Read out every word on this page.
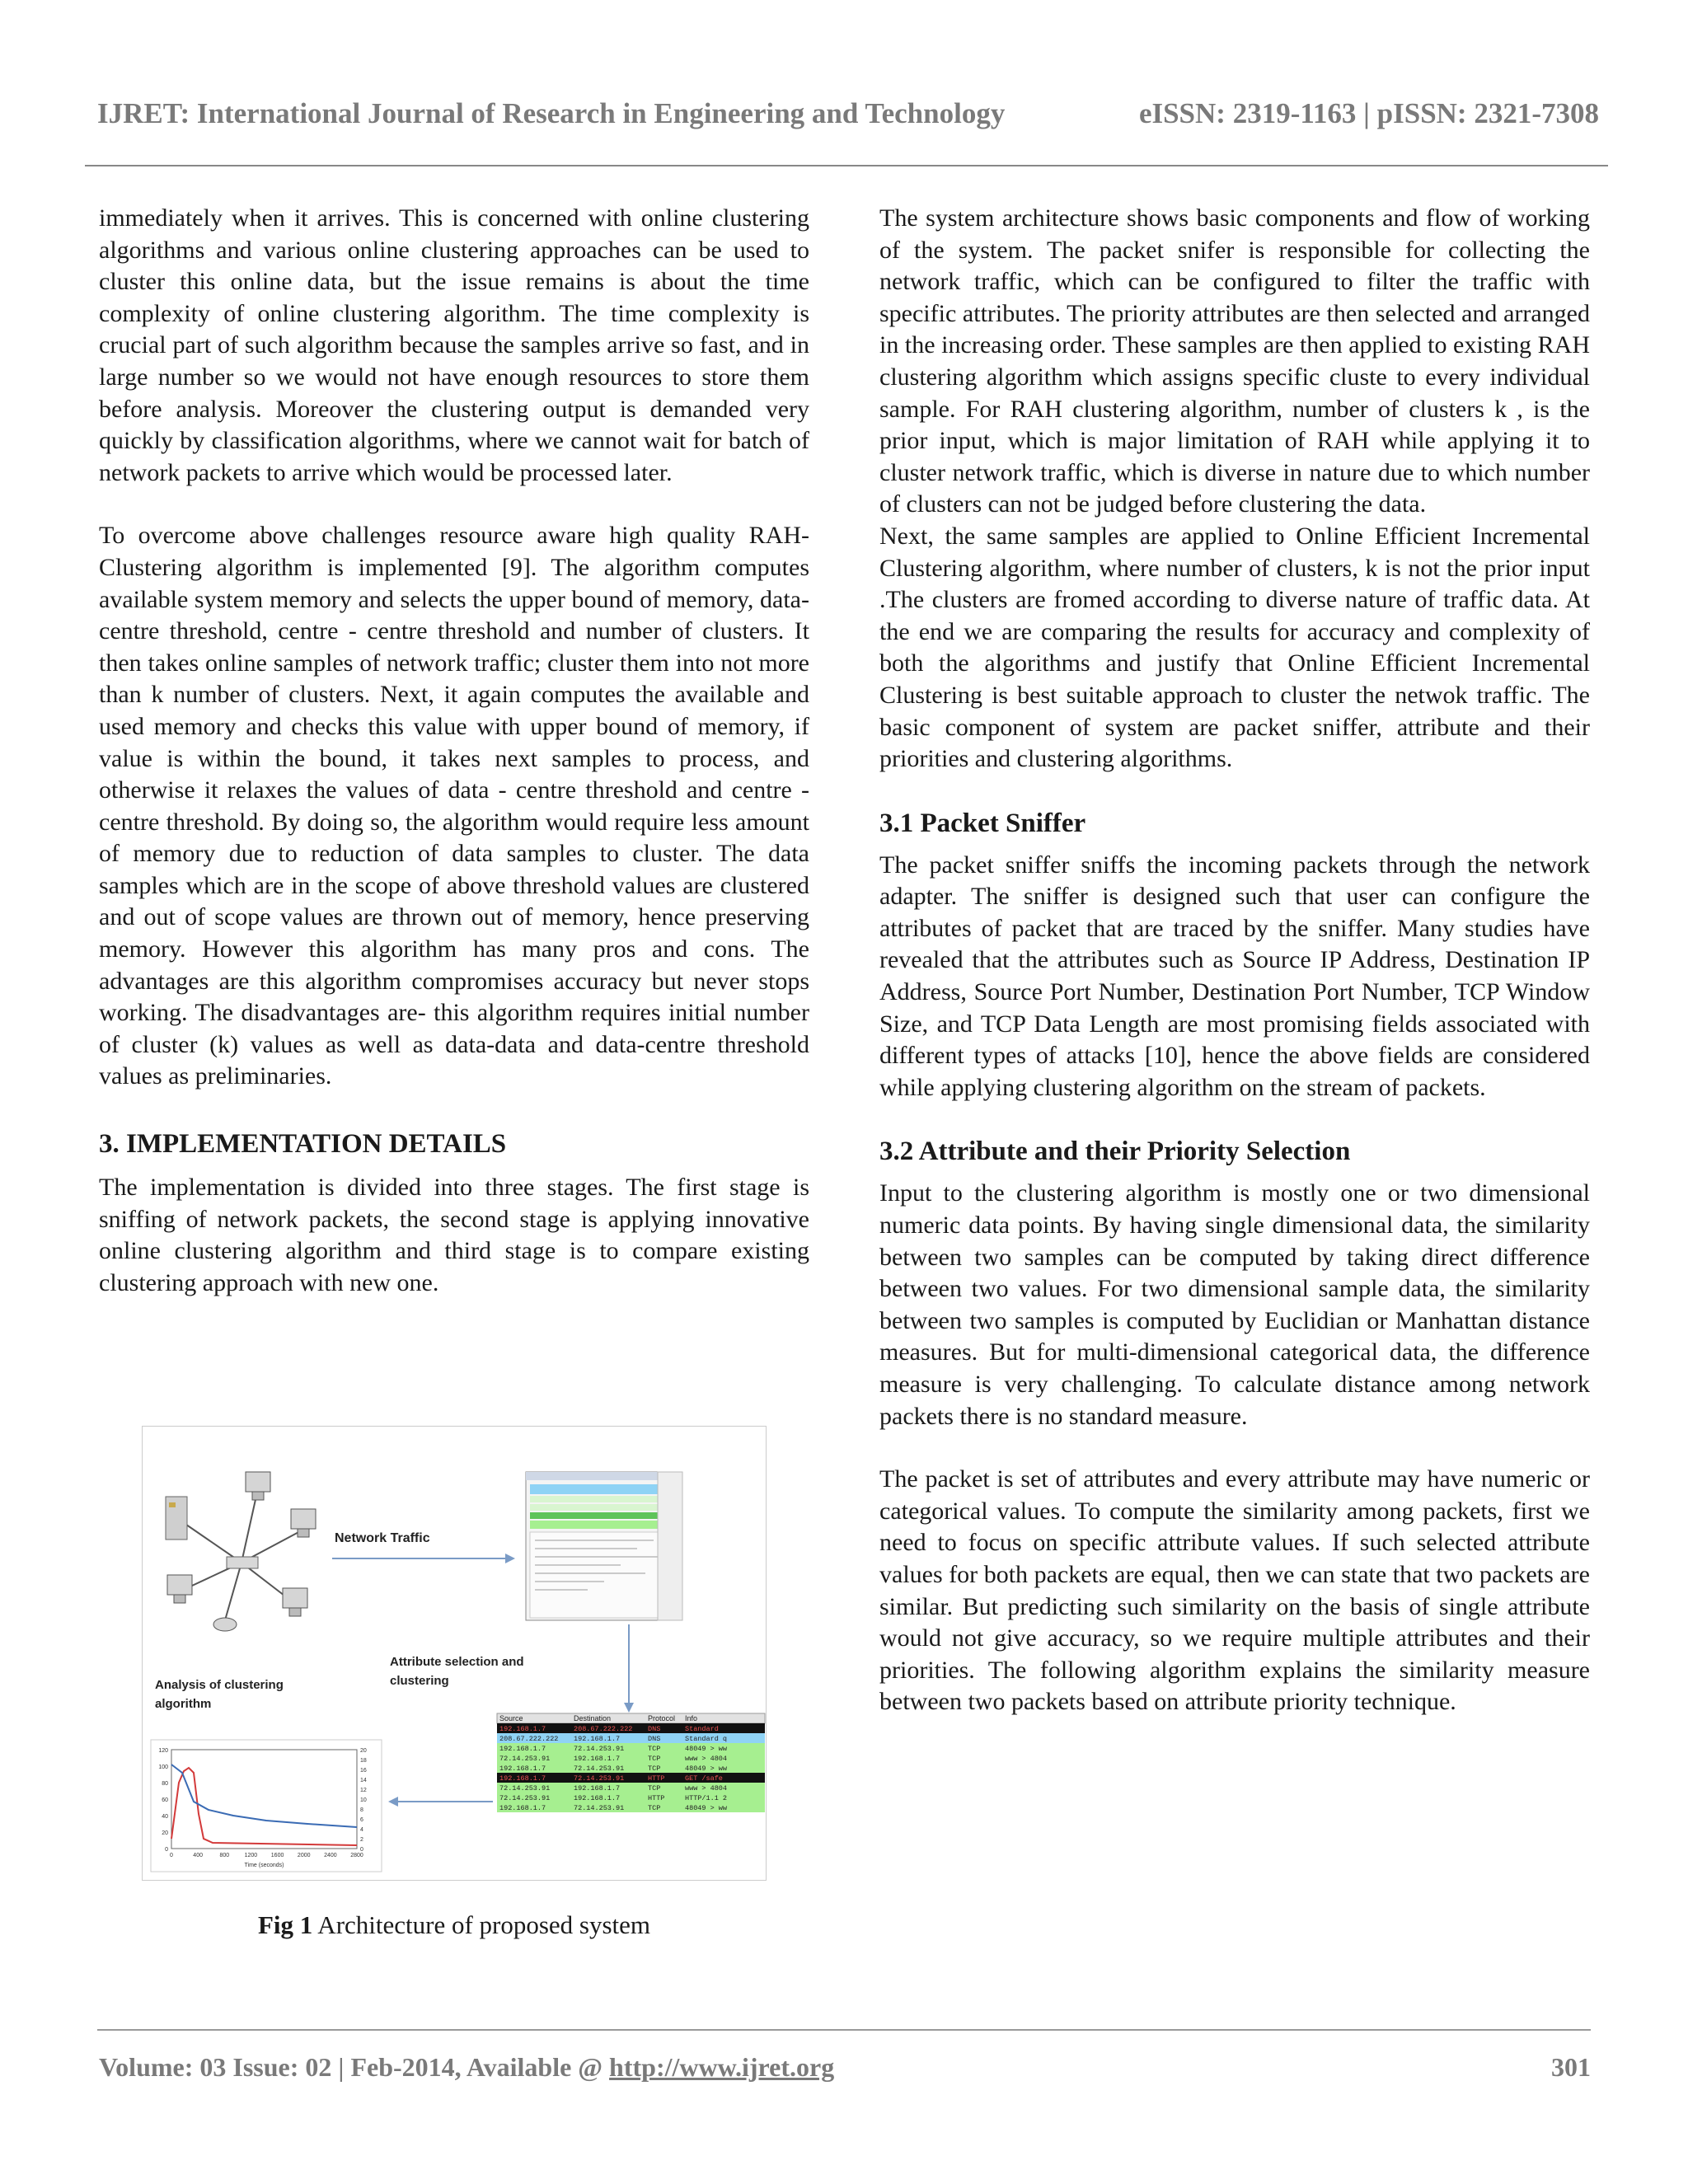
IJRET: International Journal of Research in Engineering and Technology	eISSN: 2319-1163 | pISSN: 2321-7308

immediately when it arrives. This is concerned with online clustering algorithms and various online clustering approaches can be used to cluster this online data, but the issue remains is about the time complexity of online clustering algorithm. The time complexity is crucial part of such algorithm because the samples arrive so fast, and in large number so we would not have enough resources to store them before analysis. Moreover the clustering output is demanded very quickly by classification algorithms, where we cannot wait for batch of network packets to arrive which would be processed later.

To overcome above challenges resource aware high quality RAH-Clustering algorithm is implemented [9]. The algorithm computes available system memory and selects the upper bound of memory, data-centre threshold, centre - centre threshold and number of clusters. It then takes online samples of network traffic; cluster them into not more than k number of clusters. Next, it again computes the available and used memory and checks this value with upper bound of memory, if value is within the bound, it takes next samples to process, and otherwise it relaxes the values of data - centre threshold and centre - centre threshold. By doing so, the algorithm would require less amount of memory due to reduction of data samples to cluster. The data samples which are in the scope of above threshold values are clustered and out of scope values are thrown out of memory, hence preserving memory. However this algorithm has many pros and cons. The advantages are this algorithm compromises accuracy but never stops working. The disadvantages are- this algorithm requires initial number of cluster (k) values as well as data-data and data-centre threshold values as preliminaries.

3. IMPLEMENTATION DETAILS

The implementation is divided into three stages. The first stage is sniffing of network packets, the second stage is applying innovative online clustering algorithm and third stage is to compare existing clustering approach with new one.

Network Traffic
Attribute selection and
clustering
Analysis of clustering
algorithm
Source	Destination	Protocol Info
192.168.1.7	208.67.222.222 DNS	Standard
208.67.222.222 192.168.1.7	DNS	Standard q
192.168.1.7	72.14.253.91	TCP	48049 > ww
72.14.253.91	192.168.1.7	TCP	www > 4804
192.168.1.7	72.14.253.91	TCP	48049 > ww
192.168.1.7	72.14.253.91	HTTP	GET /safe
72.14.253.91	192.168.1.7	TCP	www > 4804
72.14.253.91	192.168.1.7	HTTP	HTTP/1.1 2
192.168.1.7	72.14.253.91	TCP	48049 > ww
120
100
80
60
40
20
0
20
18
16
14
12
10
8
6
4
2
0
0	400	800	1200 1600 2000 2400 2800
Time (seconds)
Fig 1 Architecture of proposed system

The system architecture shows basic components and flow of working of the system. The packet snifer is responsible for collecting the network traffic, which can be configured to filter the traffic with specific attributes. The priority attributes are then selected and arranged in the increasing order. These samples are then applied to existing RAH clustering algorithm which assigns specific cluste to every individual sample. For RAH clustering algorithm, number of clusters k , is the prior input, which is major limitation of RAH while applying it to cluster network traffic, which is diverse in nature due to which number of clusters can not be judged before clustering the data.

Next, the same samples are applied to Online Efficient Incremental Clustering algorithm, where number of clusters, k is not the prior input .The clusters are fromed according to diverse nature of traffic data. At the end we are comparing the results for accuracy and complexity of both the algorithms and justify that Online Efficient Incremental Clustering is best suitable approach to cluster the netwok traffic. The basic component of system are packet sniffer, attribute and their priorities and clustering algorithms.

3.1 Packet Sniffer

The packet sniffer sniffs the incoming packets through the network adapter. The sniffer is designed such that user can configure the attributes of packet that are traced by the sniffer. Many studies have revealed that the attributes such as Source IP Address, Destination IP Address, Source Port Number, Destination Port Number, TCP Window Size, and TCP Data Length are most promising fields associated with different types of attacks [10], hence the above fields are considered while applying clustering algorithm on the stream of packets.

3.2 Attribute and their Priority Selection

Input to the clustering algorithm is mostly one or two dimensional numeric data points. By having single dimensional data, the similarity between two samples can be computed by taking direct difference between two values. For two dimensional sample data, the similarity between two samples is computed by Euclidian or Manhattan distance measures. But for multi-dimensional categorical data, the difference measure is very challenging. To calculate distance among network packets there is no standard measure.

The packet is set of attributes and every attribute may have numeric or categorical values. To compute the similarity among packets, first we need to focus on specific attribute values. If such selected attribute values for both packets are equal, then we can state that two packets are similar. But predicting such similarity on the basis of single attribute would not give accuracy, so we require multiple attributes and their priorities. The following algorithm explains the similarity measure between two packets based on attribute priority technique.

Volume: 03 Issue: 02 | Feb-2014, Available @ http://www.ijret.org	301
